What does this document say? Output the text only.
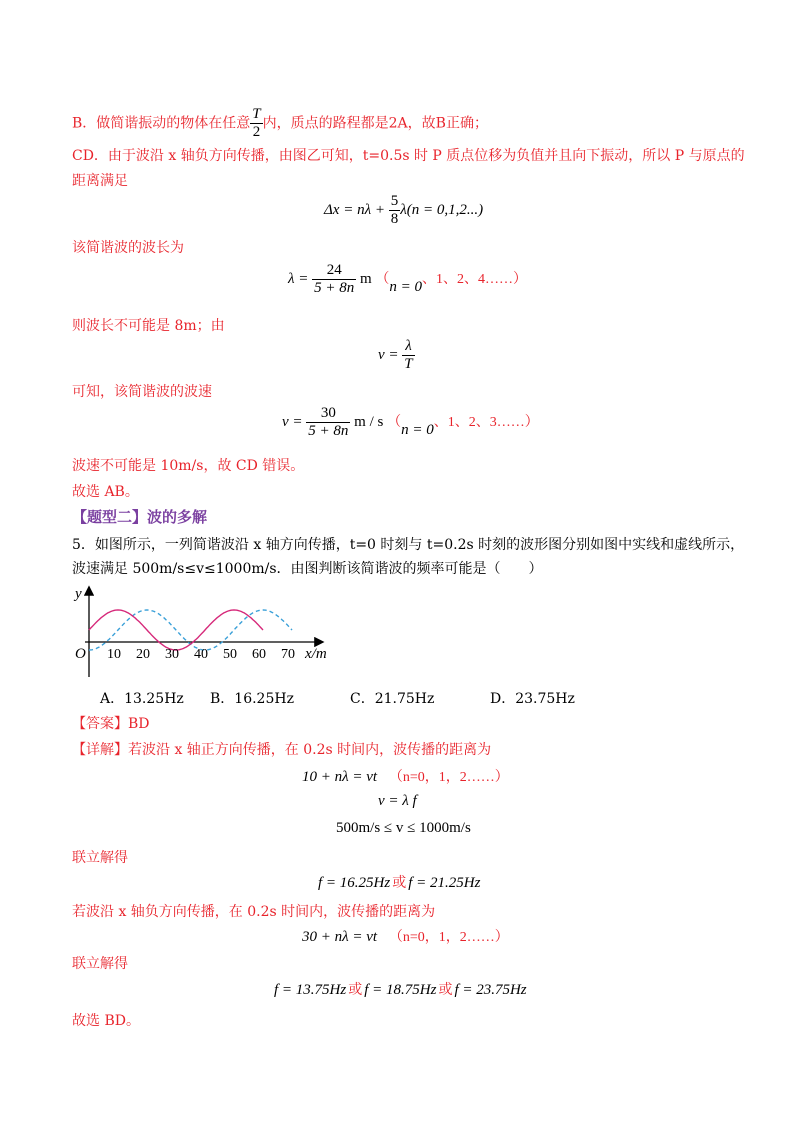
B．做简谐振动的物体在任意 $\frac{T}{2}$ 内，质点的路程都是2A，故B正确；
CD．由于波沿 x 轴负方向传播，由图乙可知，t=0.5s 时 P 质点位移为负值并且向下振动，所以 P 与原点的
距离满足
$\Delta x = n\lambda + \frac{5}{8} \lambda(n = 0,1,2...)$
该简谐波的波长为
$\lambda = \frac{24}{5 + 8n}$ m （n = 0、1、2、4……）
则波长不可能是 8m；由
$v = \frac{\lambda}{T}$
可知，该简谐波的波速
$v = \frac{30}{5 + 8n}$ m / s （n = 0、1、2、3……）
波速不可能是 10m/s，故 CD 错误。
故选 AB。
【题型二】波的多解
5．如图所示，一列简谐波沿 x 轴方向传播，t=0 时刻与 t=0.2s 时刻的波形图分别如图中实线和虚线所示，
波速满足 500m/s≤v≤1000m/s．由图判断该简谐波的频率可能是（　　）
y
O 10 20 30 40 50 60 70 x/m
A．13.25Hz B．16.25Hz	C．21.75Hz	D．23.75Hz
【答案】BD
【详解】若波沿 x 轴正方向传播，在 0.2s 时间内，波传播的距离为
10 + nλ = vt （n=0，1，2……）
v = λ f
500m/s ≤ v ≤ 1000m/s
联立解得
f = 16.25Hz 或 f = 21.25Hz
若波沿 x 轴负方向传播，在 0.2s 时间内，波传播的距离为
30 + nλ = vt （n=0，1，2……）
联立解得
f = 13.75Hz 或 f = 18.75Hz 或 f = 23.75Hz
故选 BD。
